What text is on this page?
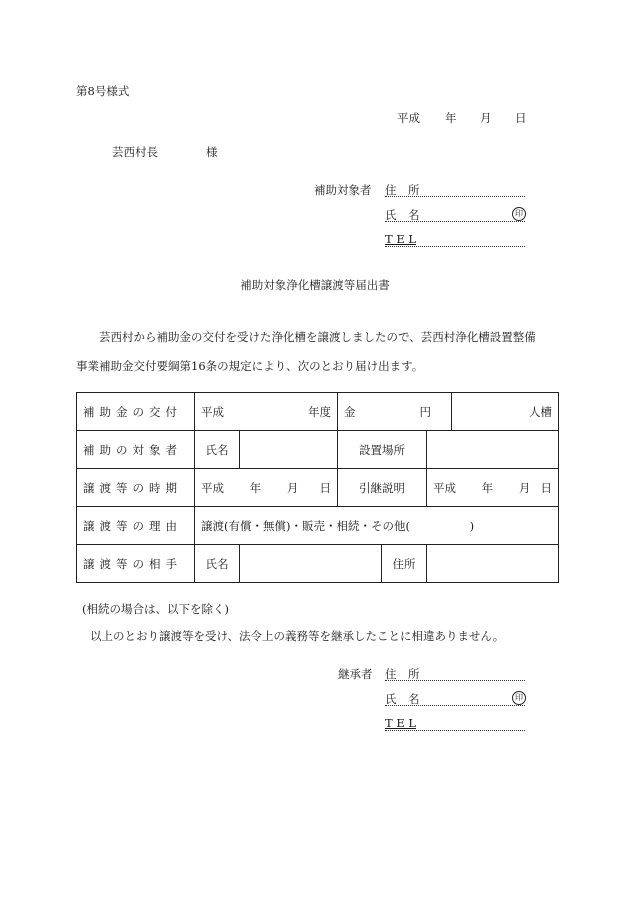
第8号様式
平成 年 月 日
芸西村長	様
補助対象者 住　所
氏　名	印
T E L
補助対象浄化槽譲渡等届出書
芸西村から補助金の交付を受けた浄化槽を譲渡しましたので、芸西村浄化槽設置整備
事業補助金交付要綱第16条の規定により、次のとおり届け出ます。
補助金の交付	平成 年度		金 円			人槽
補助の対象者	氏名		設置場所			
譲渡等の時期	平成 年 月 日		引継説明		平成 年 月 日	

譲渡等の理由	譲渡(有償・無償)・販売・相続・その他( )					
譲渡等の相手	氏名			住所		
(相続の場合は、以下を除く)
以上のとおり譲渡等を受け、法令上の義務等を継承したことに相違ありません。
継承者 住　所
氏　名	印
T E L
